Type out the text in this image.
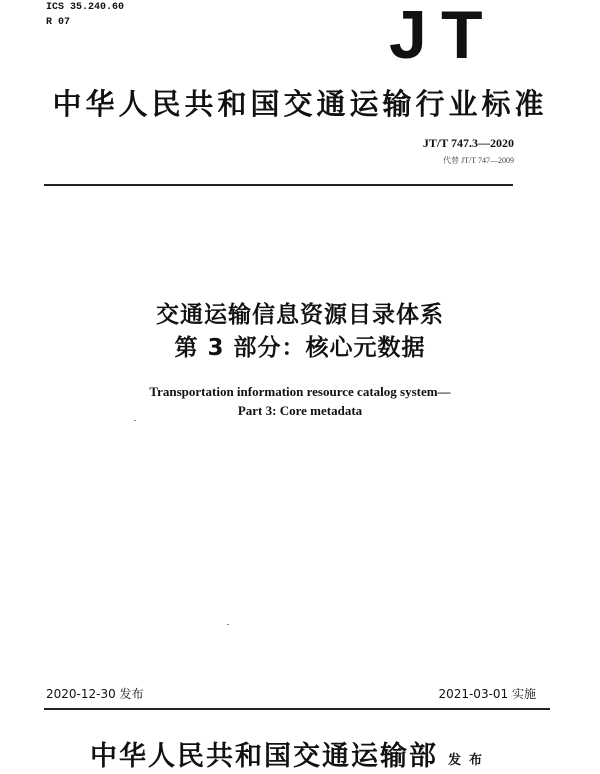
ICS 35.240.60
R 07	J T
中华人民共和国交通运输行业标准
JT/T 747.3—2020
代替 JT/T 747—2009
交通运输信息资源目录体系
第 3 部分：核心元数据
Transportation information resource catalog system—
Part 3: Core metadata
2020-12-30 发布	2021-03-01 实施
中华人民共和国交通运输部 发布
